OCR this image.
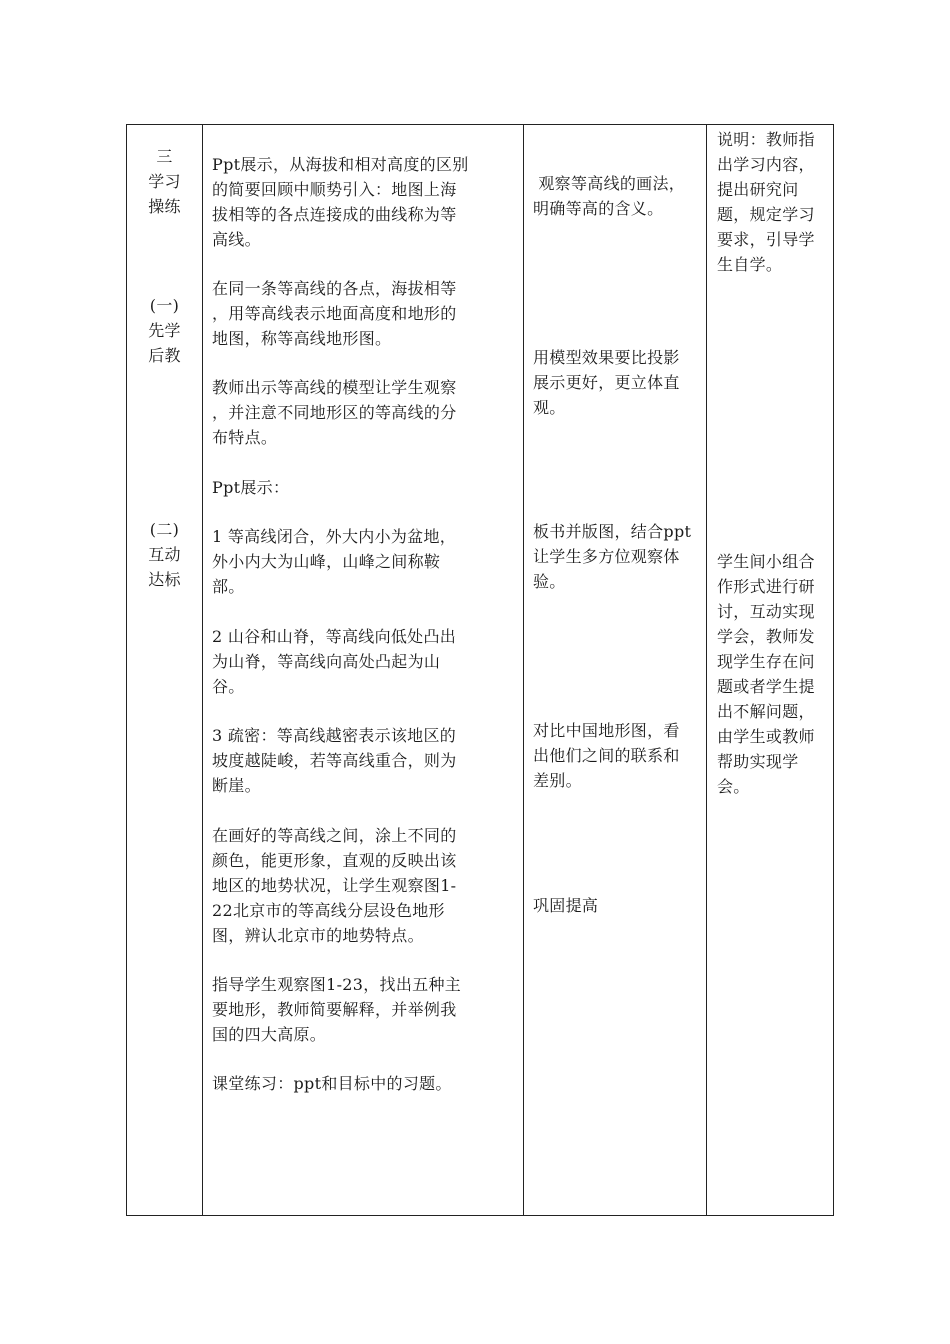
三
学习
操练
(一)
先学
后教
(二)
互动
达标
Ppt展示，从海拔和相对高度的区别
的简要回顾中顺势引入：地图上海
拔相等的各点连接成的曲线称为等
高线。
在同一条等高线的各点，海拔相等
，用等高线表示地面高度和地形的
地图，称等高线地形图。
教师出示等高线的模型让学生观察
，并注意不同地形区的等高线的分
布特点。
Ppt展示：
1 等高线闭合，外大内小为盆地，
外小内大为山峰，山峰之间称鞍
部。
2 山谷和山脊，等高线向低处凸出
为山脊，等高线向高处凸起为山
谷。
3 疏密：等高线越密表示该地区的
坡度越陡峻，若等高线重合，则为
断崖。
在画好的等高线之间，涂上不同的
颜色，能更形象，直观的反映出该
地区的地势状况，让学生观察图1-
22北京市的等高线分层设色地形
图，辨认北京市的地势特点。
指导学生观察图1-23，找出五种主
要地形，教师简要解释，并举例我
国的四大高原。
课堂练习：ppt和目标中的习题。
观察等高线的画法，
明确等高的含义。
用模型效果要比投影
展示更好，更立体直
观。
板书并版图，结合ppt
让学生多方位观察体
验。
对比中国地形图，看
出他们之间的联系和
差别。
巩固提高
说明：教师指
出学习内容，
提出研究问
题，规定学习
要求，引导学
生自学。
学生间小组合
作形式进行研
讨，互动实现
学会，教师发
现学生存在问
题或者学生提
出不解问题，
由学生或教师
帮助实现学
会。
